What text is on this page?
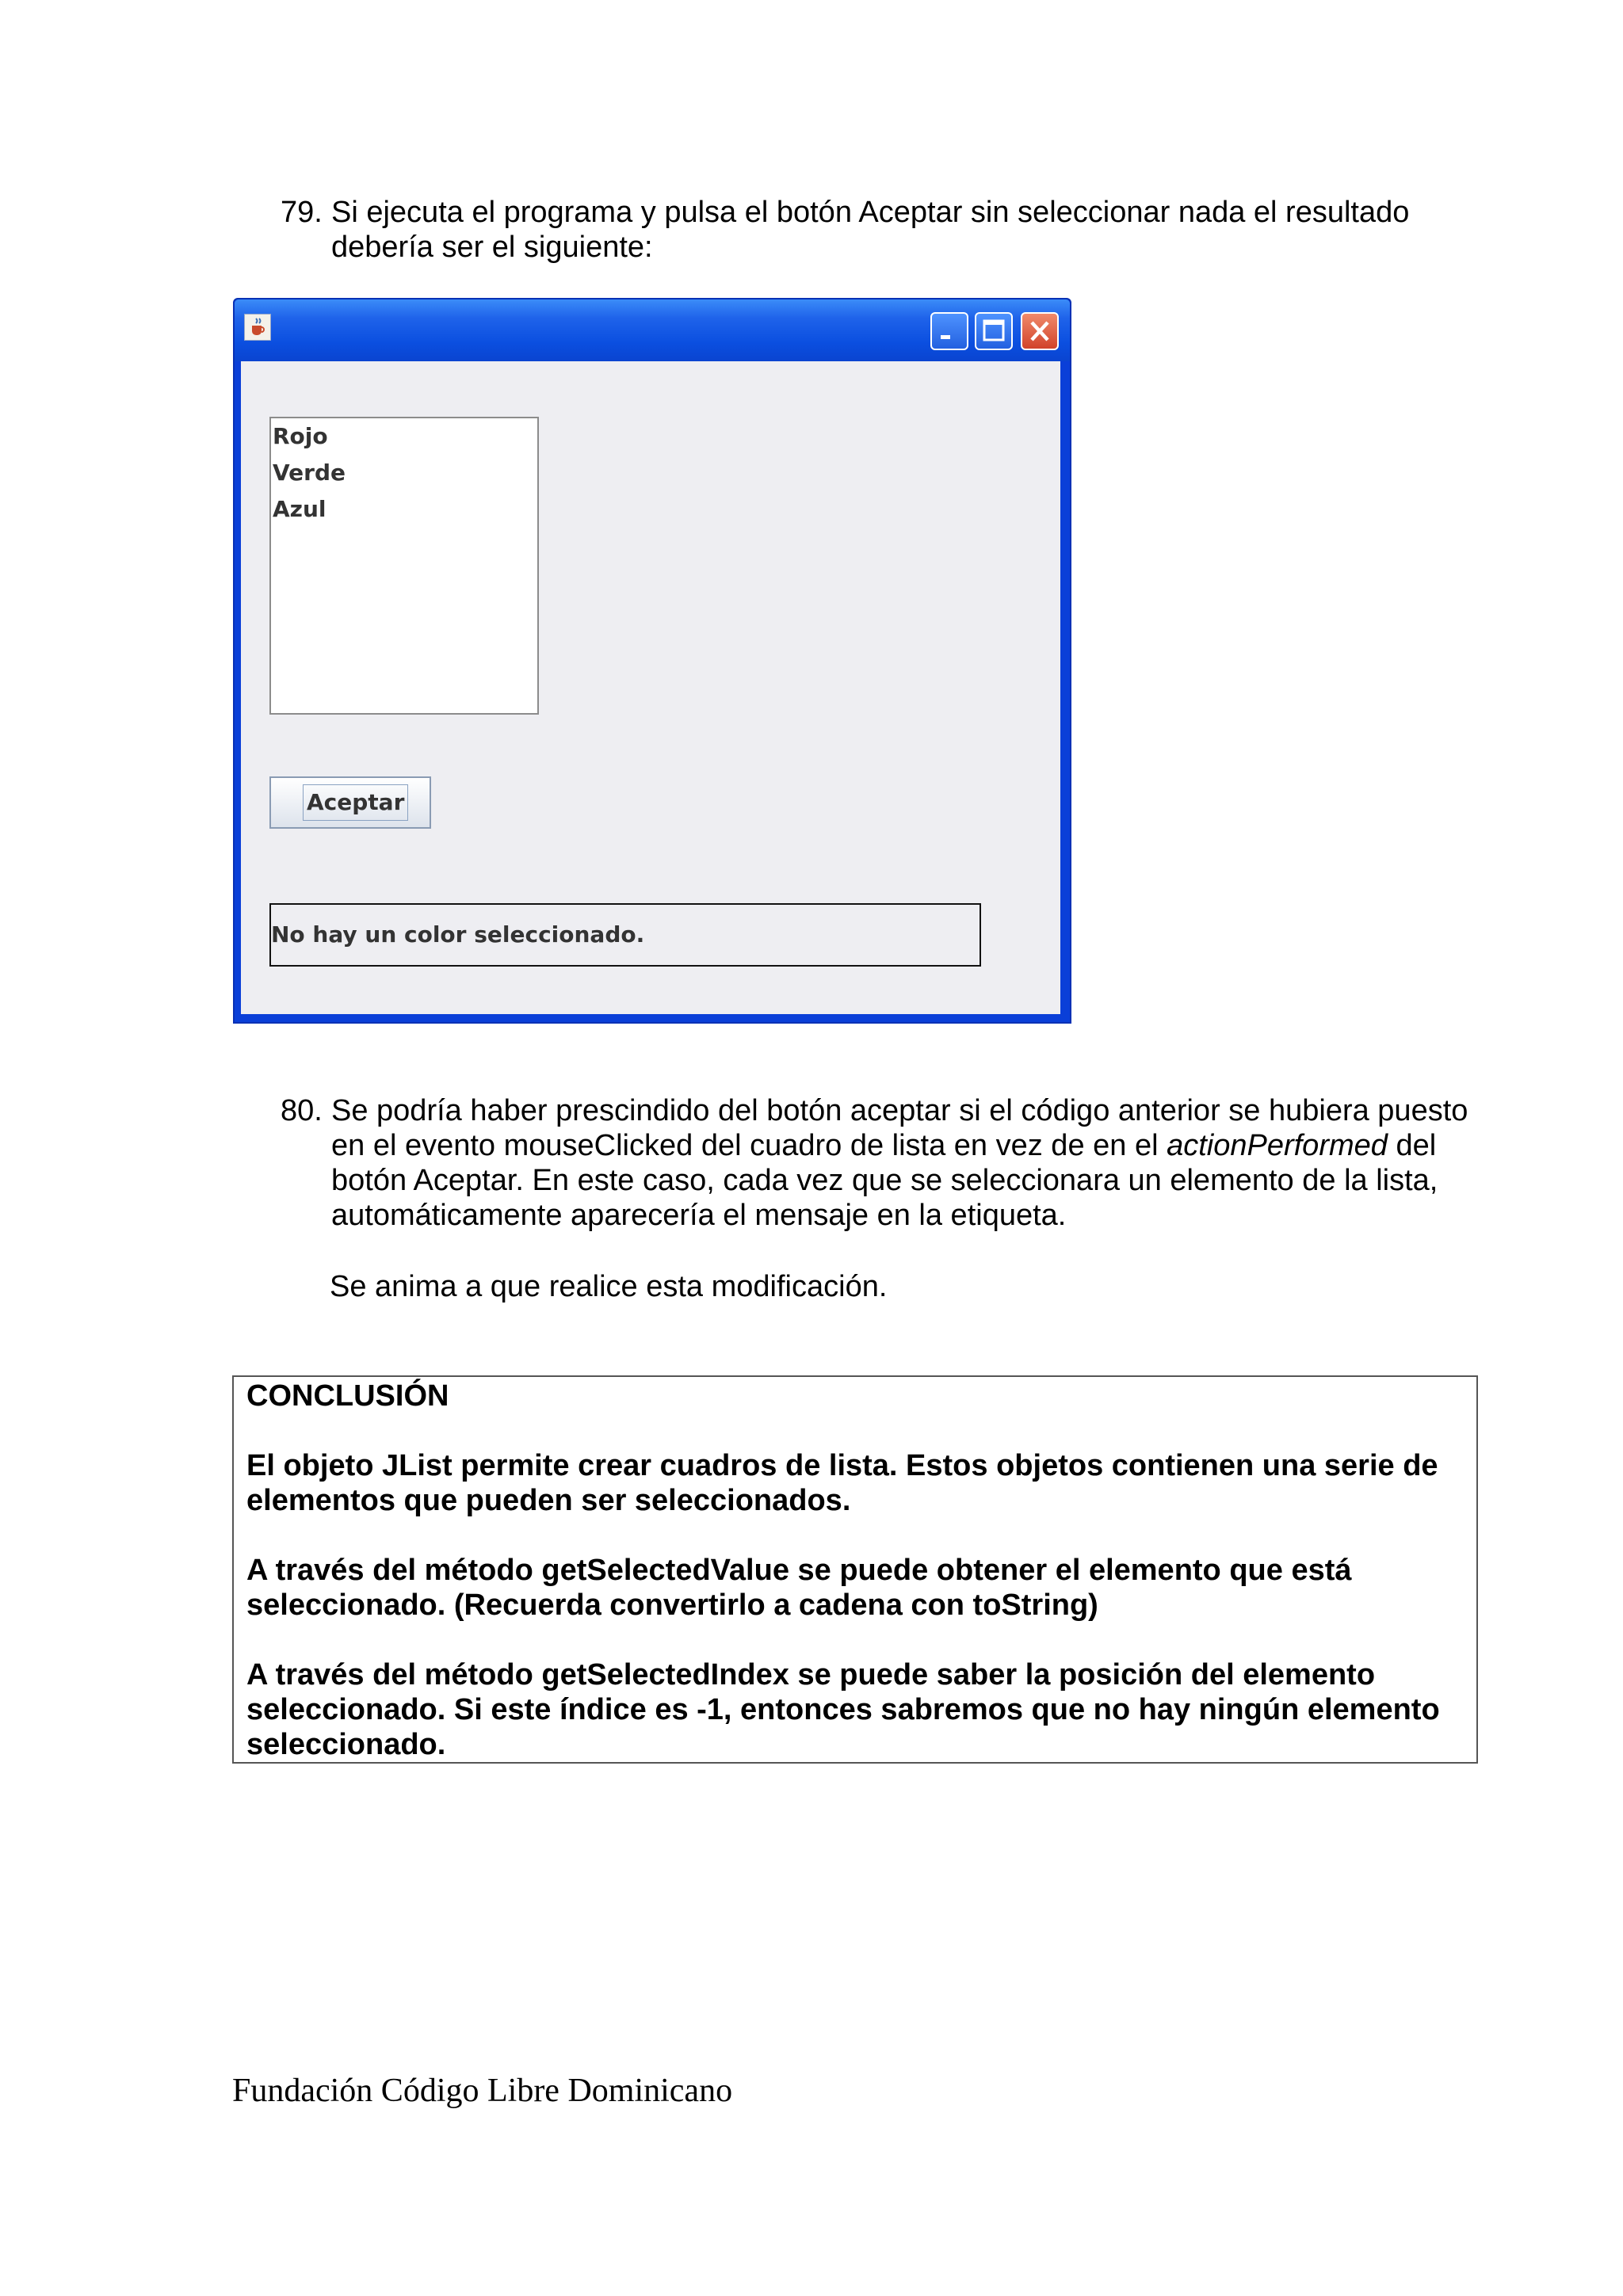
79. Si ejecuta el programa y pulsa el botón Aceptar sin seleccionar nada el resultado
debería ser el siguiente:
Rojo
Verde
Azul
Aceptar
No hay un color seleccionado.
80. Se podría haber prescindido del botón aceptar si el código anterior se hubiera puesto
en el evento mouseClicked del cuadro de lista en vez de en el actionPerformed del
botón Aceptar. En este caso, cada vez que se seleccionara un elemento de la lista,
automáticamente aparecería el mensaje en la etiqueta.
Se anima a que realice esta modificación.
CONCLUSIÓN
El objeto JList permite crear cuadros de lista. Estos objetos contienen una serie de
elementos que pueden ser seleccionados.
A través del método getSelectedValue se puede obtener el elemento que está
seleccionado. (Recuerda convertirlo a cadena con toString)
A través del método getSelectedIndex se puede saber la posición del elemento
seleccionado. Si este índice es -1, entonces sabremos que no hay ningún elemento
seleccionado.
Fundación Código Libre Dominicano
